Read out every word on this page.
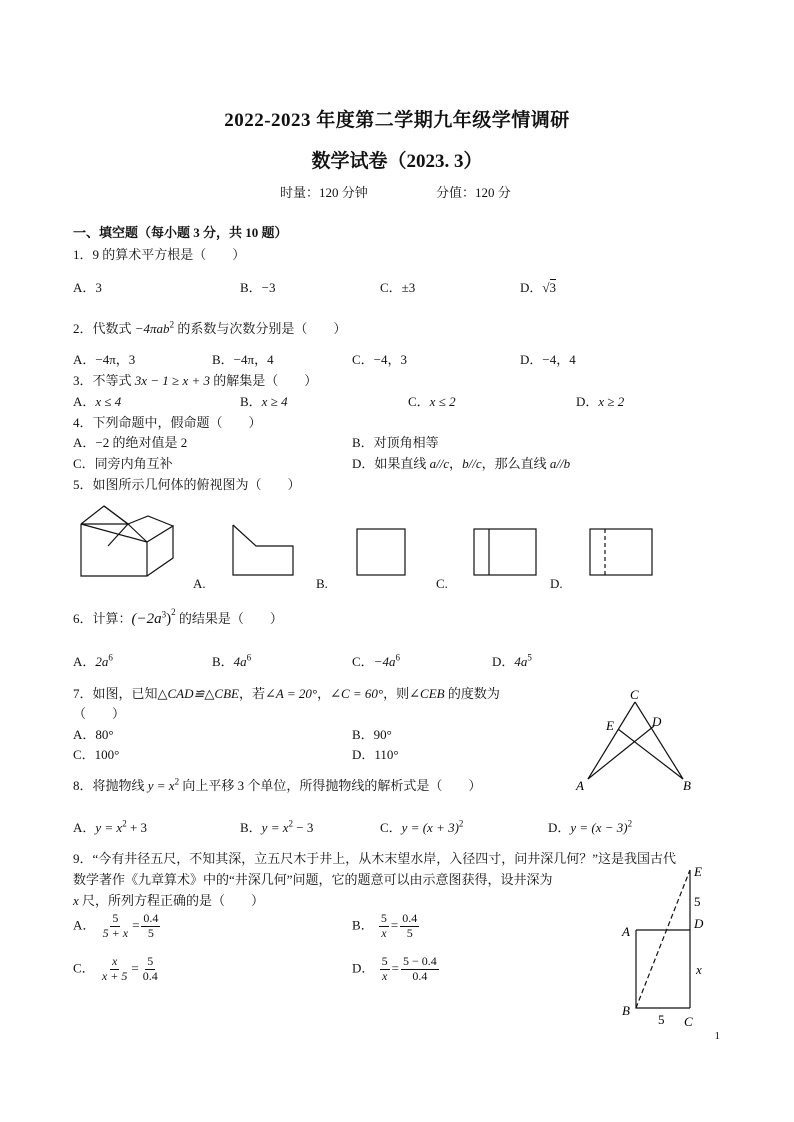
2022-2023 年度第二学期九年级学情调研
数学试卷（2023. 3）
时量：120 分钟	分值：120 分
一、填空题（每小题 3 分，共 10 题）
1．9 的算术平方根是（　　）
A．3	B．−3	C．±3	D．√3
2．代数式 −4πab$^2$ 的系数与次数分别是（　　）
A．−4π，3	B．−4π，4	C．−4，3	D．−4，4
3．不等式 3x − 1 ≥ x + 3 的解集是（　　）
A．x ≤ 4	B．x ≥ 4	C．x ≤ 2	D．x ≥ 2
4．下列命题中，假命题（　　）
A．−2 的绝对值是 2	B．对顶角相等
C．同旁内角互补	D．如果直线 a//c，b//c，那么直线 a//b
5．如图所示几何体的俯视图为（　　）
A.	B.	C.	D.
6．计算：$(-2a^3)^2$ 的结果是（　　）
A．$2a^6$	B．$4a^6$	C．$-4a^6$	D．$4a^5$
7．如图，已知△CAD≌△CBE，若∠A = 20°，∠C = 60°，则∠CEB 的度数为
（　　）
A．80°	B．90°
C．100°	D．110°
C
E	D
A	B
8．将抛物线 $y = x^2$ 向上平移 3 个单位，所得抛物线的解析式是（　　）
A．$y = x^2 + 3$	B．$y = x^2 - 3$	C．$y = (x + 3)^2$	D．$y = (x - 3)^2$
9．“今有井径五尺，不知其深，立五尺木于井上，从木末望水岸，入径四寸，问井深几何？”这是我国古代
数学著作《九章算术》中的“井深几何”问题，它的题意可以由示意图获得，设井深为
x 尺，所列方程正确的是（　　）
A． $\frac{5}{5 + x} = \frac{0.4}{5}$	B． $\frac{5}{x} = \frac{0.4}{5}$
C． $\frac{x}{x + 5} = \frac{5}{0.4}$	D． $\frac{5}{x} = \frac{5 - 0.4}{0.4}$
E
5
D
A
x
B
5 C
1
